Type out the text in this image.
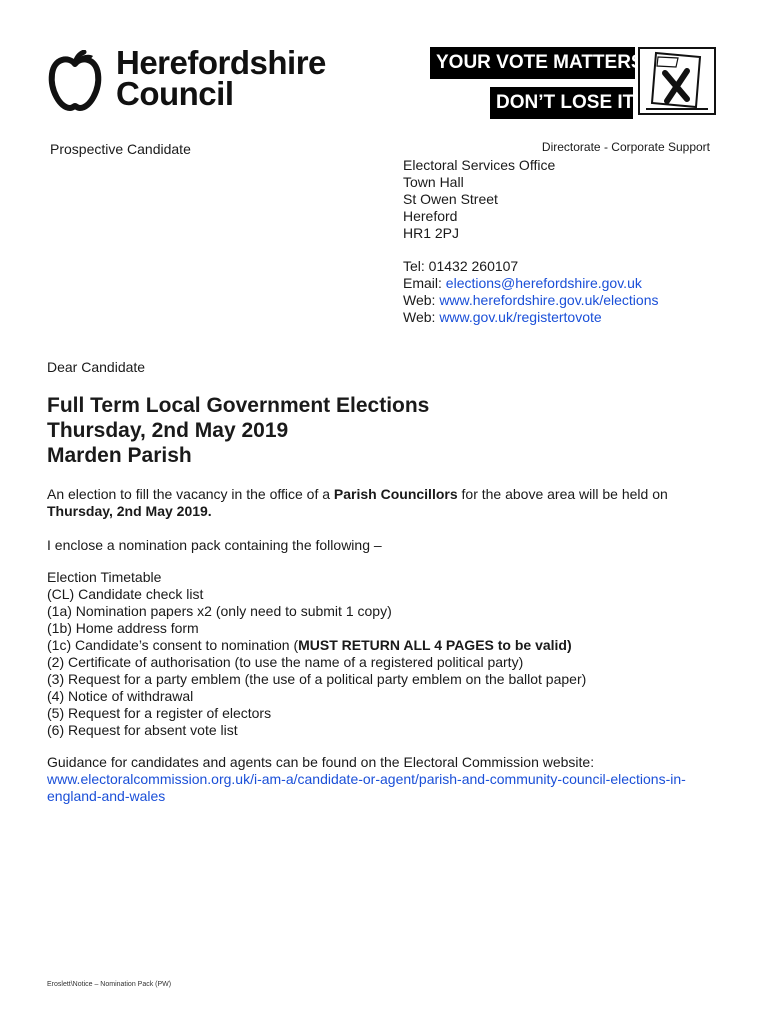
Herefordshire
Council
YOUR VOTE MATTERS
DON’T LOSE IT
Prospective Candidate	Directorate - Corporate Support
Electoral Services Office
Town Hall
St Owen Street
Hereford
HR1 2PJ
Tel: 01432 260107
Email: elections@herefordshire.gov.uk
Web: www.herefordshire.gov.uk/elections
Web: www.gov.uk/registertovote
Dear Candidate
Full Term Local Government Elections
Thursday, 2nd May 2019
Marden Parish
An election to fill the vacancy in the office of a Parish Councillors for the above area will be held on Thursday, 2nd May 2019.
I enclose a nomination pack containing the following –
Election Timetable
(CL) Candidate check list
(1a) Nomination papers x2 (only need to submit 1 copy)
(1b) Home address form
(1c) Candidate’s consent to nomination (MUST RETURN ALL 4 PAGES to be valid)
(2) Certificate of authorisation (to use the name of a registered political party)
(3) Request for a party emblem (the use of a political party emblem on the ballot paper)
(4) Notice of withdrawal
(5) Request for a register of electors
(6) Request for absent vote list
Guidance for candidates and agents can be found on the Electoral Commission website:
www.electoralcommission.org.uk/i-am-a/candidate-or-agent/parish-and-community-council-elections-in-england-and-wales
Eroslett\Notice – Nomination Pack (PW)
